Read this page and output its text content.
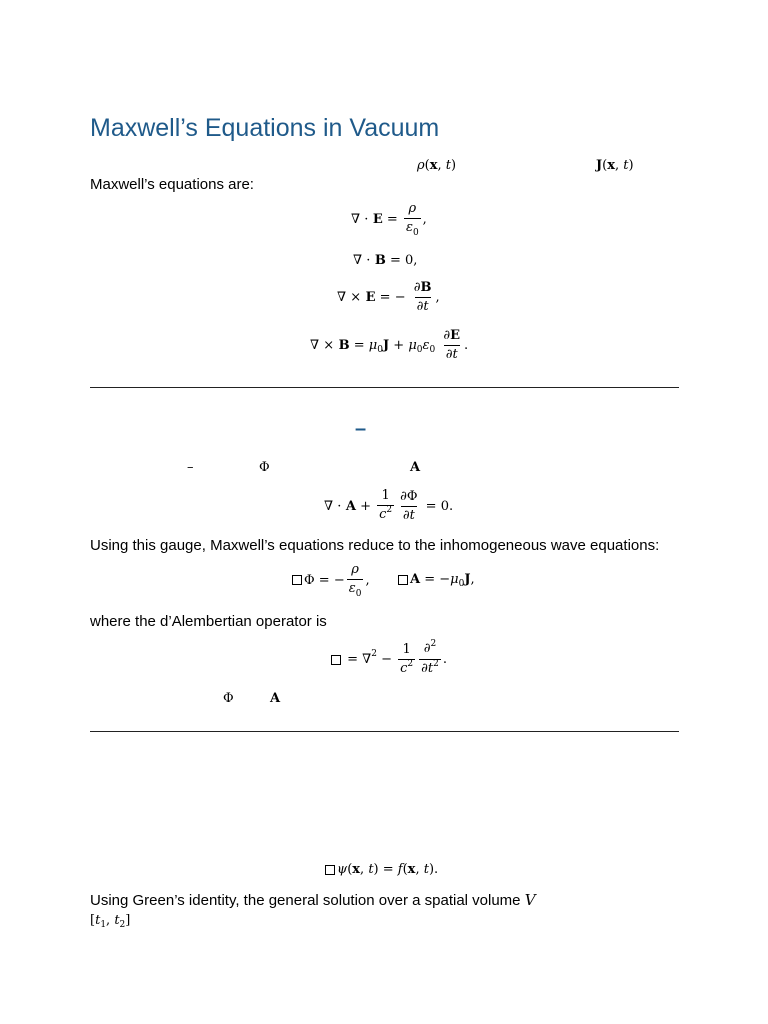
Maxwell’s Equations in Vacuum
ρ ( x , t )	J ( x , t )
Maxwell’s equations are:
∇ · $E = \frac{\rho}{\varepsilon_0}$ ,
∇ · B = 0,
∇ × E = − $\frac{\partial B}{\partial t}$ ,
∇ × B = μ 0 J + μ 0 ε 0
$\frac{\partial E}{\partial t}$ .
–
–	Φ	A
∇ · $A + \frac{1}{c^2} \frac{\partial\Phi}{\partial t} = 0$.
Using this gauge, Maxwell’s equations reduce to the inhomogeneous wave equations:
Φ = − $\frac{\rho}{\varepsilon_0}$ ,	A = − μ 0 J ,
where the d’Alembertian operator is
= ∇ $2 - \frac{1}{c^2} \frac{\partial^2}{\partial t^2}$ .
Φ	A
ψ ( x , t ) = f ( x , t ).
Using Green’s identity, the general solution over a spatial volume V
[ t 1 , t 2 ]
